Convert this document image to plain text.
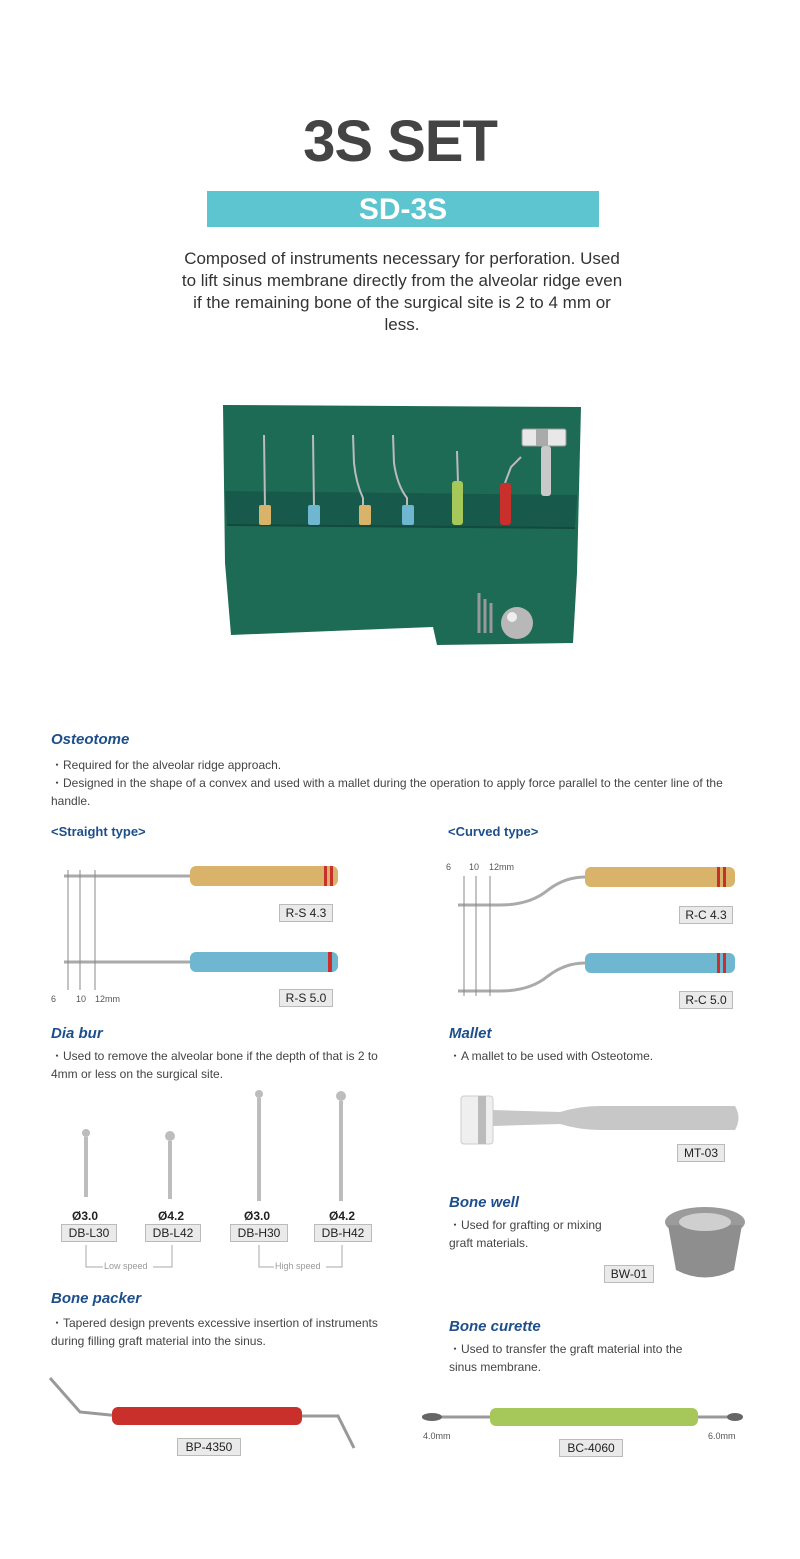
3S SET
SD-3S
Composed of instruments necessary for perforation. Used to lift sinus membrane directly from the alveolar ridge even if the remaining bone of the surgical site is 2 to 4 mm or less.
Osteotome
・Required for the alveolar ridge approach.
・Designed in the shape of a convex and used with a mallet during the operation to apply force parallel to the center line of the handle.
<Straight type>	<Curved type>
R-S 4.3
R-S 5.0
6 10 12mm
6 10 12mm
R-C 4.3
R-C 5.0
Dia bur
・Used to remove the alveolar bone if the depth of that is 2 to 4mm or less on the surgical site.
Ø3.0	Ø4.2	Ø3.0	Ø4.2
DB-L30	DB-L42	DB-H30	DB-H42
Low speed	High speed
Mallet
・A mallet to be used with Osteotome.
MT-03
Bone well
・Used for grafting or mixing graft materials.
BW-01
Bone packer
・Tapered design prevents excessive insertion of instruments during filling graft material into the sinus.
BP-4350
Bone curette
・Used to transfer the graft material into the sinus membrane.
4.0mm	6.0mm
BC-4060
